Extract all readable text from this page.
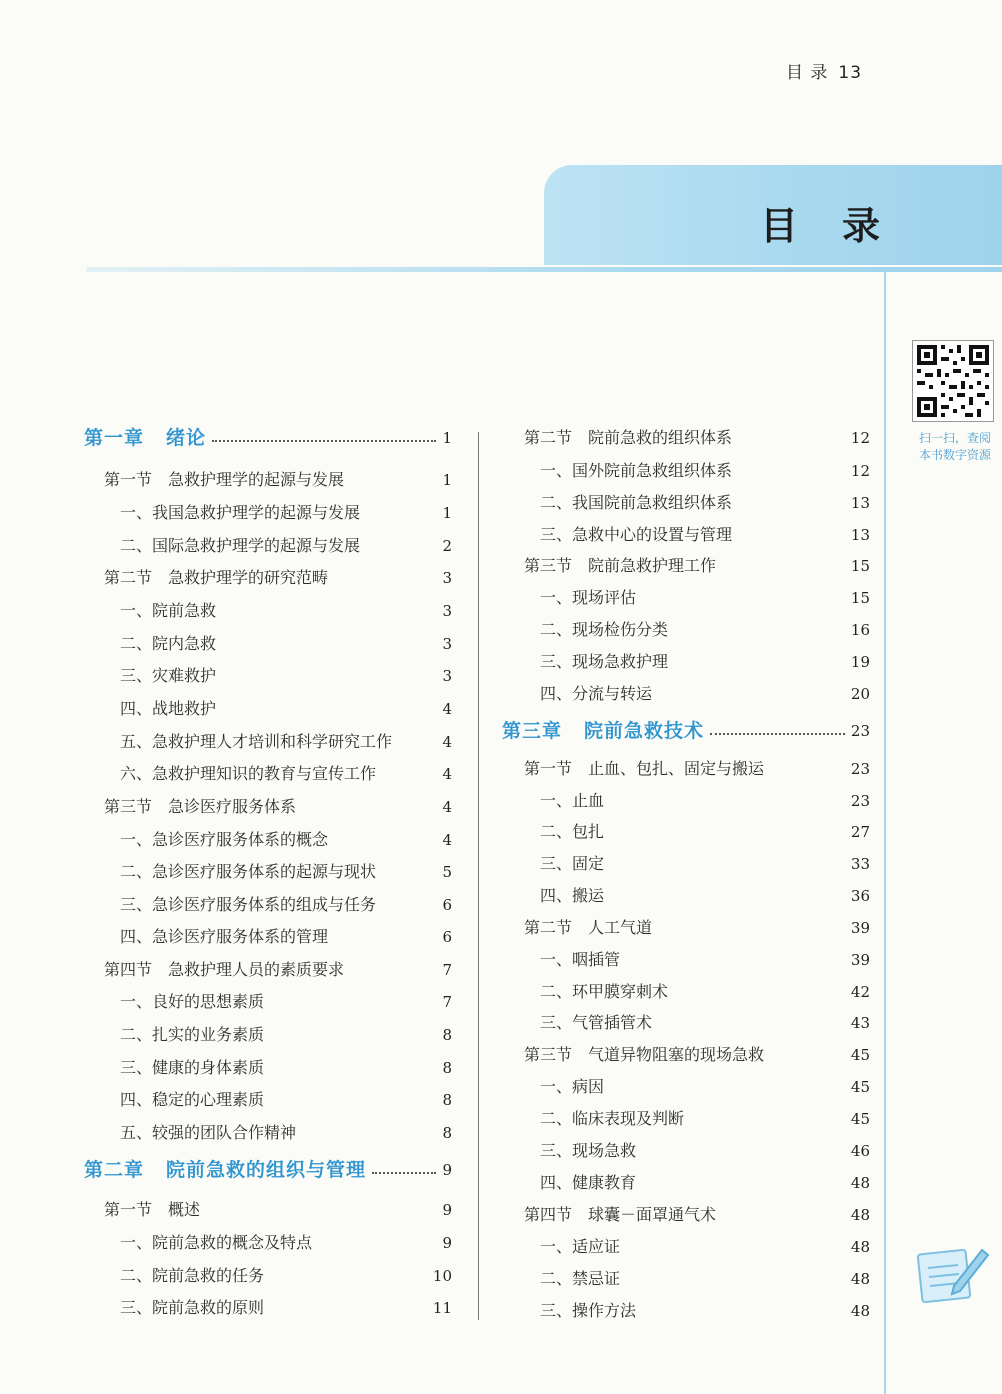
目 录 13
目录
扫一扫，查阅
本书数字资源
第一章 绪论	1
第一节 急救护理学的起源与发展	1
一、我国急救护理学的起源与发展	1
二、国际急救护理学的起源与发展	2
第二节 急救护理学的研究范畴	3
一、院前急救	3
二、院内急救	3
三、灾难救护	3
四、战地救护	4
五、急救护理人才培训和科学研究工作	4
六、急救护理知识的教育与宣传工作	4
第三节 急诊医疗服务体系	4
一、急诊医疗服务体系的概念	4
二、急诊医疗服务体系的起源与现状	5
三、急诊医疗服务体系的组成与任务	6
四、急诊医疗服务体系的管理	6
第四节 急救护理人员的素质要求	7
一、良好的思想素质	7
二、扎实的业务素质	8
三、健康的身体素质	8
四、稳定的心理素质	8
五、较强的团队合作精神	8
第二章 院前急救的组织与管理	9
第一节 概述	9
一、院前急救的概念及特点	9
二、院前急救的任务	10
三、院前急救的原则	11
第二节 院前急救的组织体系	12
一、国外院前急救组织体系	12
二、我国院前急救组织体系	13
三、急救中心的设置与管理	13
第三节 院前急救护理工作	15
一、现场评估	15
二、现场检伤分类	16
三、现场急救护理	19
四、分流与转运	20
第三章 院前急救技术	23
第一节 止血、包扎、固定与搬运	23
一、止血	23
二、包扎	27
三、固定	33
四、搬运	36
第二节 人工气道	39
一、咽插管	39
二、环甲膜穿刺术	42
三、气管插管术	43
第三节 气道异物阻塞的现场急救	45
一、病因	45
二、临床表现及判断	45
三、现场急救	46
四、健康教育	48
第四节 球囊－面罩通气术	48
一、适应证	48
二、禁忌证	48
三、操作方法	48
